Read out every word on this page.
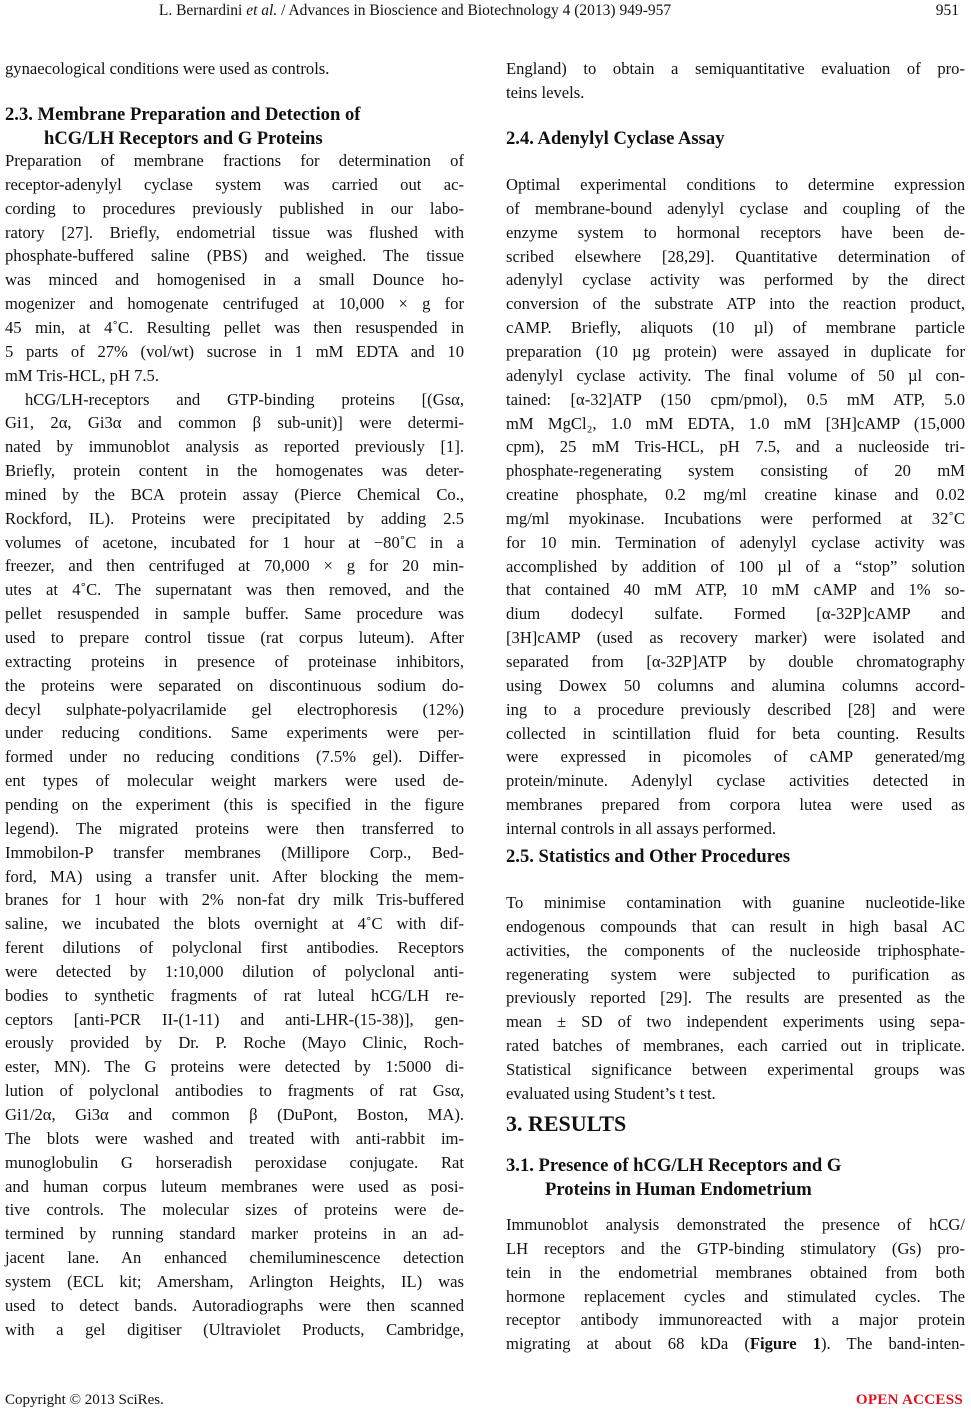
L. Bernardini et al. / Advances in Bioscience and Biotechnology 4 (2013) 949-957	951
gynaecological conditions were used as controls.
2.3. Membrane Preparation and Detection of
hCG/LH Receptors and G Proteins
Preparation of membrane fractions for determination of
receptor-adenylyl cyclase system was carried out ac-
cording to procedures previously published in our labo-
ratory [27]. Briefly, endometrial tissue was flushed with
phosphate-buffered saline (PBS) and weighed. The tissue
was minced and homogenised in a small Dounce ho-
mogenizer and homogenate centrifuged at 10,000 × g for
45 min, at 4˚C. Resulting pellet was then resuspended in
5 parts of 27% (vol/wt) sucrose in 1 mM EDTA and 10
mM Tris-HCL, pH 7.5.
hCG/LH-receptors and GTP-binding proteins [(Gsα,
Gi1, 2α, Gi3α and common β sub-unit)] were determi-
nated by immunoblot analysis as reported previously [1].
Briefly, protein content in the homogenates was deter-
mined by the BCA protein assay (Pierce Chemical Co.,
Rockford, IL). Proteins were precipitated by adding 2.5
volumes of acetone, incubated for 1 hour at −80˚C in a
freezer, and then centrifuged at 70,000 × g for 20 min-
utes at 4˚C. The supernatant was then removed, and the
pellet resuspended in sample buffer. Same procedure was
used to prepare control tissue (rat corpus luteum). After
extracting proteins in presence of proteinase inhibitors,
the proteins were separated on discontinuous sodium do-
decyl sulphate-polyacrilamide gel electrophoresis (12%)
under reducing conditions. Same experiments were per-
formed under no reducing conditions (7.5% gel). Differ-
ent types of molecular weight markers were used de-
pending on the experiment (this is specified in the figure
legend). The migrated proteins were then transferred to
Immobilon-P transfer membranes (Millipore Corp., Bed-
ford, MA) using a transfer unit. After blocking the mem-
branes for 1 hour with 2% non-fat dry milk Tris-buffered
saline, we incubated the blots overnight at 4˚C with dif-
ferent dilutions of polyclonal first antibodies. Receptors
were detected by 1:10,000 dilution of polyclonal anti-
bodies to synthetic fragments of rat luteal hCG/LH re-
ceptors [anti-PCR II-(1-11) and anti-LHR-(15-38)], gen-
erously provided by Dr. P. Roche (Mayo Clinic, Roch-
ester, MN). The G proteins were detected by 1:5000 di-
lution of polyclonal antibodies to fragments of rat Gsα,
Gi1/2α, Gi3α and common β (DuPont, Boston, MA).
The blots were washed and treated with anti-rabbit im-
munoglobulin G horseradish peroxidase conjugate. Rat
and human corpus luteum membranes were used as posi-
tive controls. The molecular sizes of proteins were de-
termined by running standard marker proteins in an ad-
jacent lane. An enhanced chemiluminescence detection
system (ECL kit; Amersham, Arlington Heights, IL) was
used to detect bands. Autoradiographs were then scanned
with a gel digitiser (Ultraviolet Products, Cambridge,
England) to obtain a semiquantitative evaluation of pro-
teins levels.
2.4. Adenylyl Cyclase Assay
Optimal experimental conditions to determine expression
of membrane-bound adenylyl cyclase and coupling of the
enzyme system to hormonal receptors have been de-
scribed elsewhere [28,29]. Quantitative determination of
adenylyl cyclase activity was performed by the direct
conversion of the substrate ATP into the reaction product,
cAMP. Briefly, aliquots (10 µl) of membrane particle
preparation (10 µg protein) were assayed in duplicate for
adenylyl cyclase activity. The final volume of 50 µl con-
tained: [α-32]ATP (150 cpm/pmol), 0.5 mM ATP, 5.0
mM MgCl₂, 1.0 mM EDTA, 1.0 mM [3H]cAMP (15,000
cpm), 25 mM Tris-HCL, pH 7.5, and a nucleoside tri-
phosphate-regenerating system consisting of 20 mM
creatine phosphate, 0.2 mg/ml creatine kinase and 0.02
mg/ml myokinase. Incubations were performed at 32˚C
for 10 min. Termination of adenylyl cyclase activity was
accomplished by addition of 100 µl of a “stop” solution
that contained 40 mM ATP, 10 mM cAMP and 1% so-
dium dodecyl sulfate. Formed [α-32P]cAMP and
[3H]cAMP (used as recovery marker) were isolated and
separated from [α-32P]ATP by double chromatography
using Dowex 50 columns and alumina columns accord-
ing to a procedure previously described [28] and were
collected in scintillation fluid for beta counting. Results
were expressed in picomoles of cAMP generated/mg
protein/minute. Adenylyl cyclase activities detected in
membranes prepared from corpora lutea were used as
internal controls in all assays performed.
2.5. Statistics and Other Procedures
To minimise contamination with guanine nucleotide-like
endogenous compounds that can result in high basal AC
activities, the components of the nucleoside triphosphate-
regenerating system were subjected to purification as
previously reported [29]. The results are presented as the
mean ± SD of two independent experiments using sepa-
rated batches of membranes, each carried out in triplicate.
Statistical significance between experimental groups was
evaluated using Student’s t test.
3. RESULTS
3.1. Presence of hCG/LH Receptors and G
Proteins in Human Endometrium
Immunoblot analysis demonstrated the presence of hCG/
LH receptors and the GTP-binding stimulatory (Gs) pro-
tein in the endometrial membranes obtained from both
hormone replacement cycles and stimulated cycles. The
receptor antibody immunoreacted with a major protein
migrating at about 68 kDa (Figure 1). The band-inten-
Copyright © 2013 SciRes.	OPEN ACCESS
